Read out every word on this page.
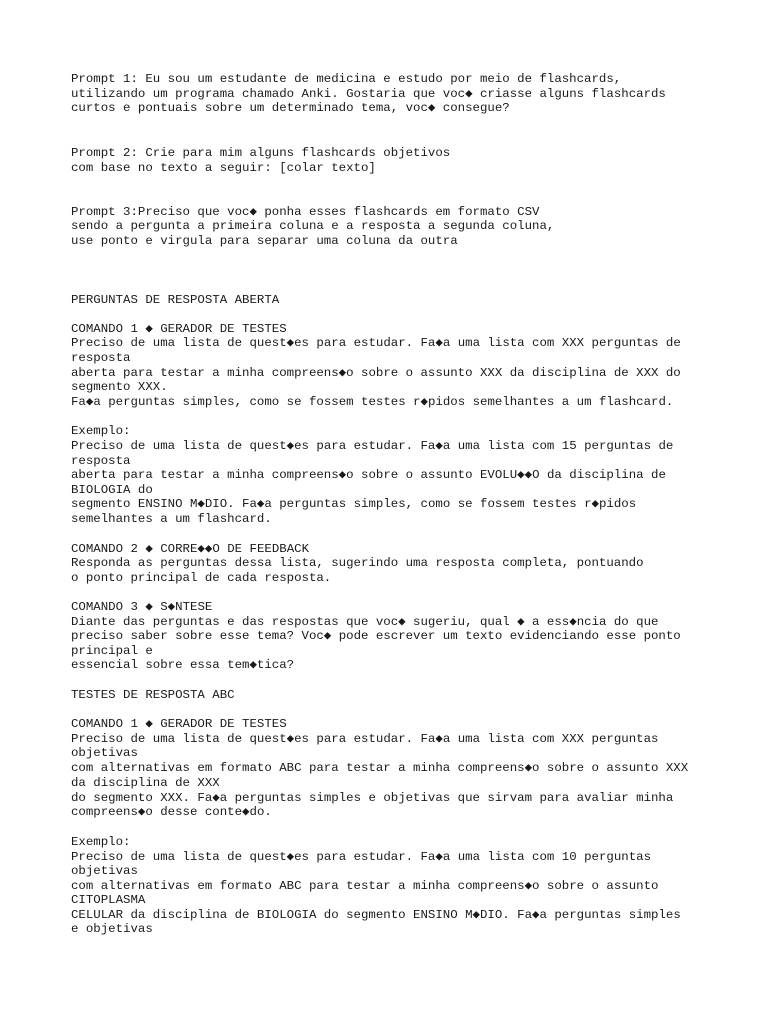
Prompt 1: Eu sou um estudante de medicina e estudo por meio de flashcards,

utilizando um programa chamado Anki. Gostaria que voc◆ criasse alguns flashcards

curtos e pontuais sobre um determinado tema, voc◆ consegue?

Prompt 2: Crie para mim alguns flashcards objetivos

com base no texto a seguir: [colar texto]

Prompt 3:Preciso que voc◆ ponha esses flashcards em formato CSV

sendo a pergunta a primeira coluna e a resposta a segunda coluna,

use ponto e virgula para separar uma coluna da outra

PERGUNTAS DE RESPOSTA ABERTA

COMANDO 1 ◆ GERADOR DE TESTES

Preciso de uma lista de quest◆es para estudar. Fa◆a uma lista com XXX perguntas de

resposta

aberta para testar a minha compreens◆o sobre o assunto XXX da disciplina de XXX do

segmento XXX.

Fa◆a perguntas simples, como se fossem testes r◆pidos semelhantes a um flashcard.

Exemplo:

Preciso de uma lista de quest◆es para estudar. Fa◆a uma lista com 15 perguntas de

resposta

aberta para testar a minha compreens◆o sobre o assunto EVOLU◆◆O da disciplina de

BIOLOGIA do

segmento ENSINO M◆DIO. Fa◆a perguntas simples, como se fossem testes r◆pidos

semelhantes a um flashcard.

COMANDO 2 ◆ CORRE◆◆O DE FEEDBACK

Responda as perguntas dessa lista, sugerindo uma resposta completa, pontuando

o ponto principal de cada resposta.

COMANDO 3 ◆ S◆NTESE

Diante das perguntas e das respostas que voc◆ sugeriu, qual ◆ a ess◆ncia do que

preciso saber sobre esse tema? Voc◆ pode escrever um texto evidenciando esse ponto

principal e

essencial sobre essa tem◆tica?

TESTES DE RESPOSTA ABC

COMANDO 1 ◆ GERADOR DE TESTES

Preciso de uma lista de quest◆es para estudar. Fa◆a uma lista com XXX perguntas

objetivas

com alternativas em formato ABC para testar a minha compreens◆o sobre o assunto XXX

da disciplina de XXX

do segmento XXX. Fa◆a perguntas simples e objetivas que sirvam para avaliar minha

compreens◆o desse conte◆do.

Exemplo:

Preciso de uma lista de quest◆es para estudar. Fa◆a uma lista com 10 perguntas

objetivas

com alternativas em formato ABC para testar a minha compreens◆o sobre o assunto

CITOPLASMA

CELULAR da disciplina de BIOLOGIA do segmento ENSINO M◆DIO. Fa◆a perguntas simples

e objetivas
